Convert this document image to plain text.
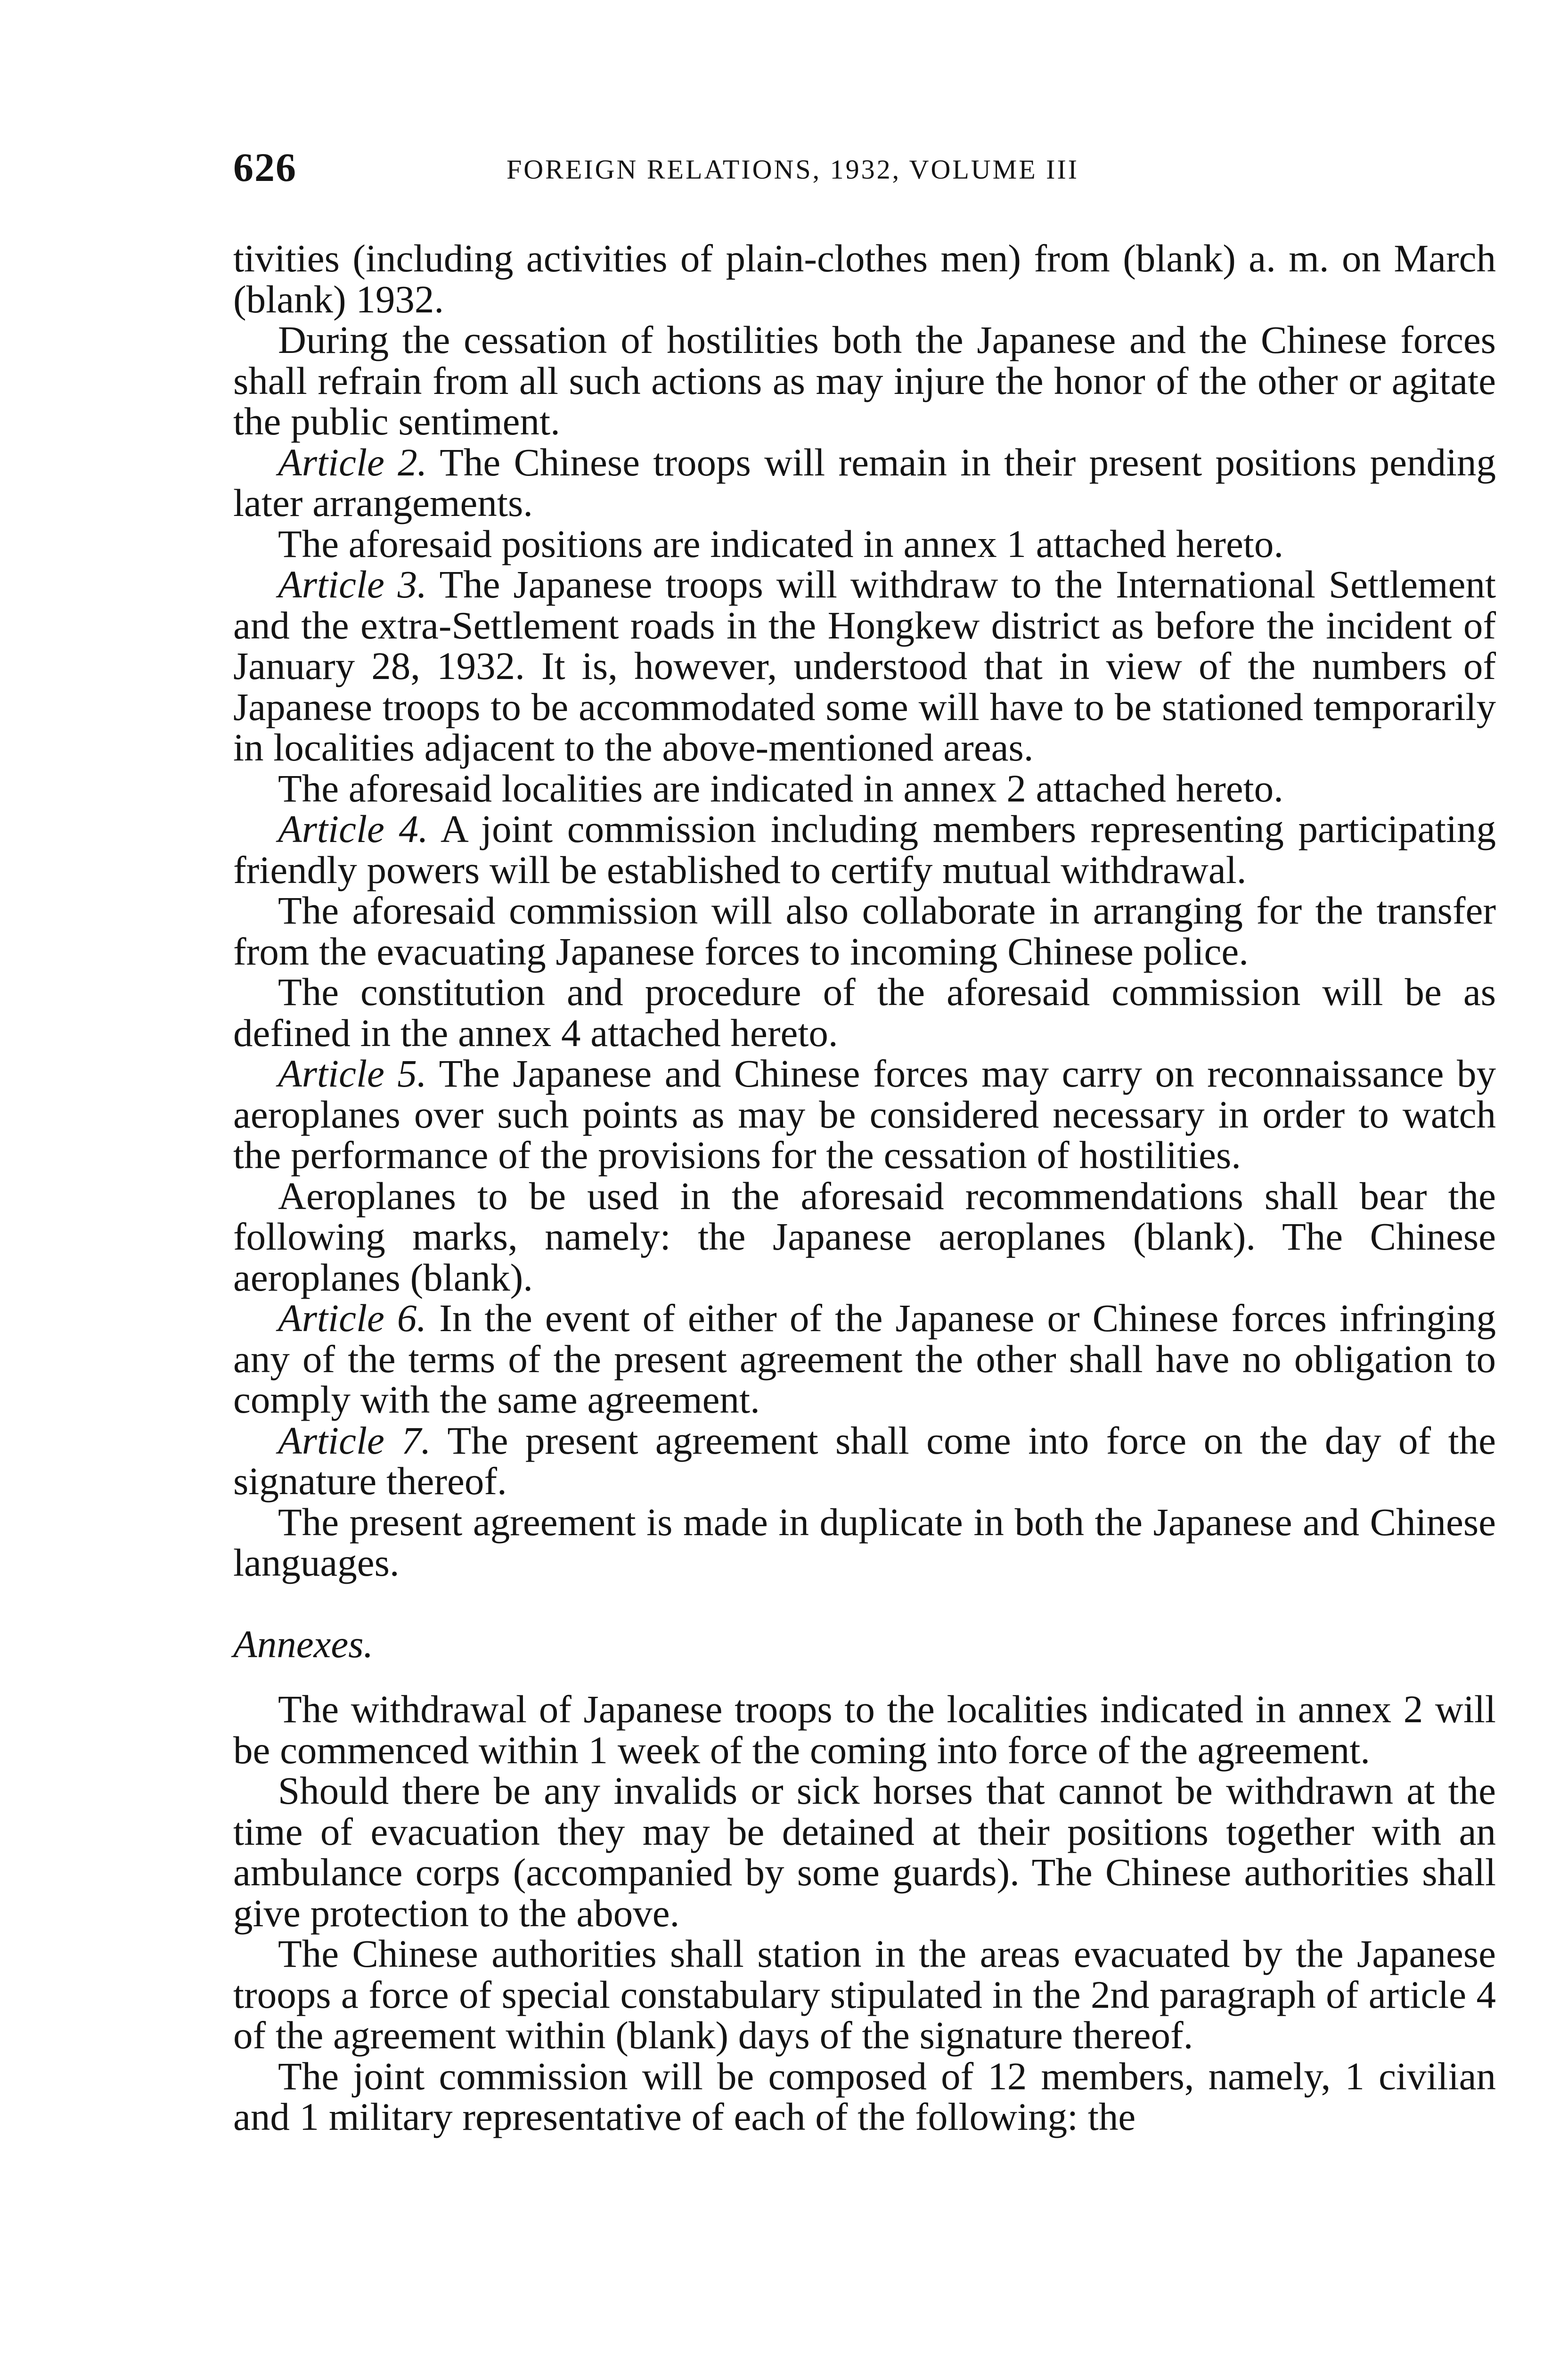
626	FOREIGN RELATIONS, 1932, VOLUME III

tivities (including activities of plain-clothes men) from (blank) a. m. on March (blank) 1932.

During the cessation of hostilities both the Japanese and the Chinese forces shall refrain from all such actions as may injure the honor of the other or agitate the public sentiment.

Article 2. The Chinese troops will remain in their present positions pending later arrangements.

The aforesaid positions are indicated in annex 1 attached hereto.

Article 3. The Japanese troops will withdraw to the International Settlement and the extra-Settlement roads in the Hongkew district as before the incident of January 28, 1932. It is, however, understood that in view of the numbers of Japanese troops to be accommodated some will have to be stationed temporarily in localities adjacent to the above-mentioned areas.

The aforesaid localities are indicated in annex 2 attached hereto.

Article 4. A joint commission including members representing participating friendly powers will be established to certify mutual withdrawal.

The aforesaid commission will also collaborate in arranging for the transfer from the evacuating Japanese forces to incoming Chinese police.

The constitution and procedure of the aforesaid commission will be as defined in the annex 4 attached hereto.

Article 5. The Japanese and Chinese forces may carry on reconnaissance by aeroplanes over such points as may be considered necessary in order to watch the performance of the provisions for the cessation of hostilities.

Aeroplanes to be used in the aforesaid recommendations shall bear the following marks, namely: the Japanese aeroplanes (blank). The Chinese aeroplanes (blank).

Article 6. In the event of either of the Japanese or Chinese forces infringing any of the terms of the present agreement the other shall have no obligation to comply with the same agreement.

Article 7. The present agreement shall come into force on the day of the signature thereof.

The present agreement is made in duplicate in both the Japanese and Chinese languages.

Annexes.

The withdrawal of Japanese troops to the localities indicated in annex 2 will be commenced within 1 week of the coming into force of the agreement.

Should there be any invalids or sick horses that cannot be withdrawn at the time of evacuation they may be detained at their positions together with an ambulance corps (accompanied by some guards). The Chinese authorities shall give protection to the above.

The Chinese authorities shall station in the areas evacuated by the Japanese troops a force of special constabulary stipulated in the 2nd paragraph of article 4 of the agreement within (blank) days of the signature thereof.

The joint commission will be composed of 12 members, namely, 1 civilian and 1 military representative of each of the following: the
